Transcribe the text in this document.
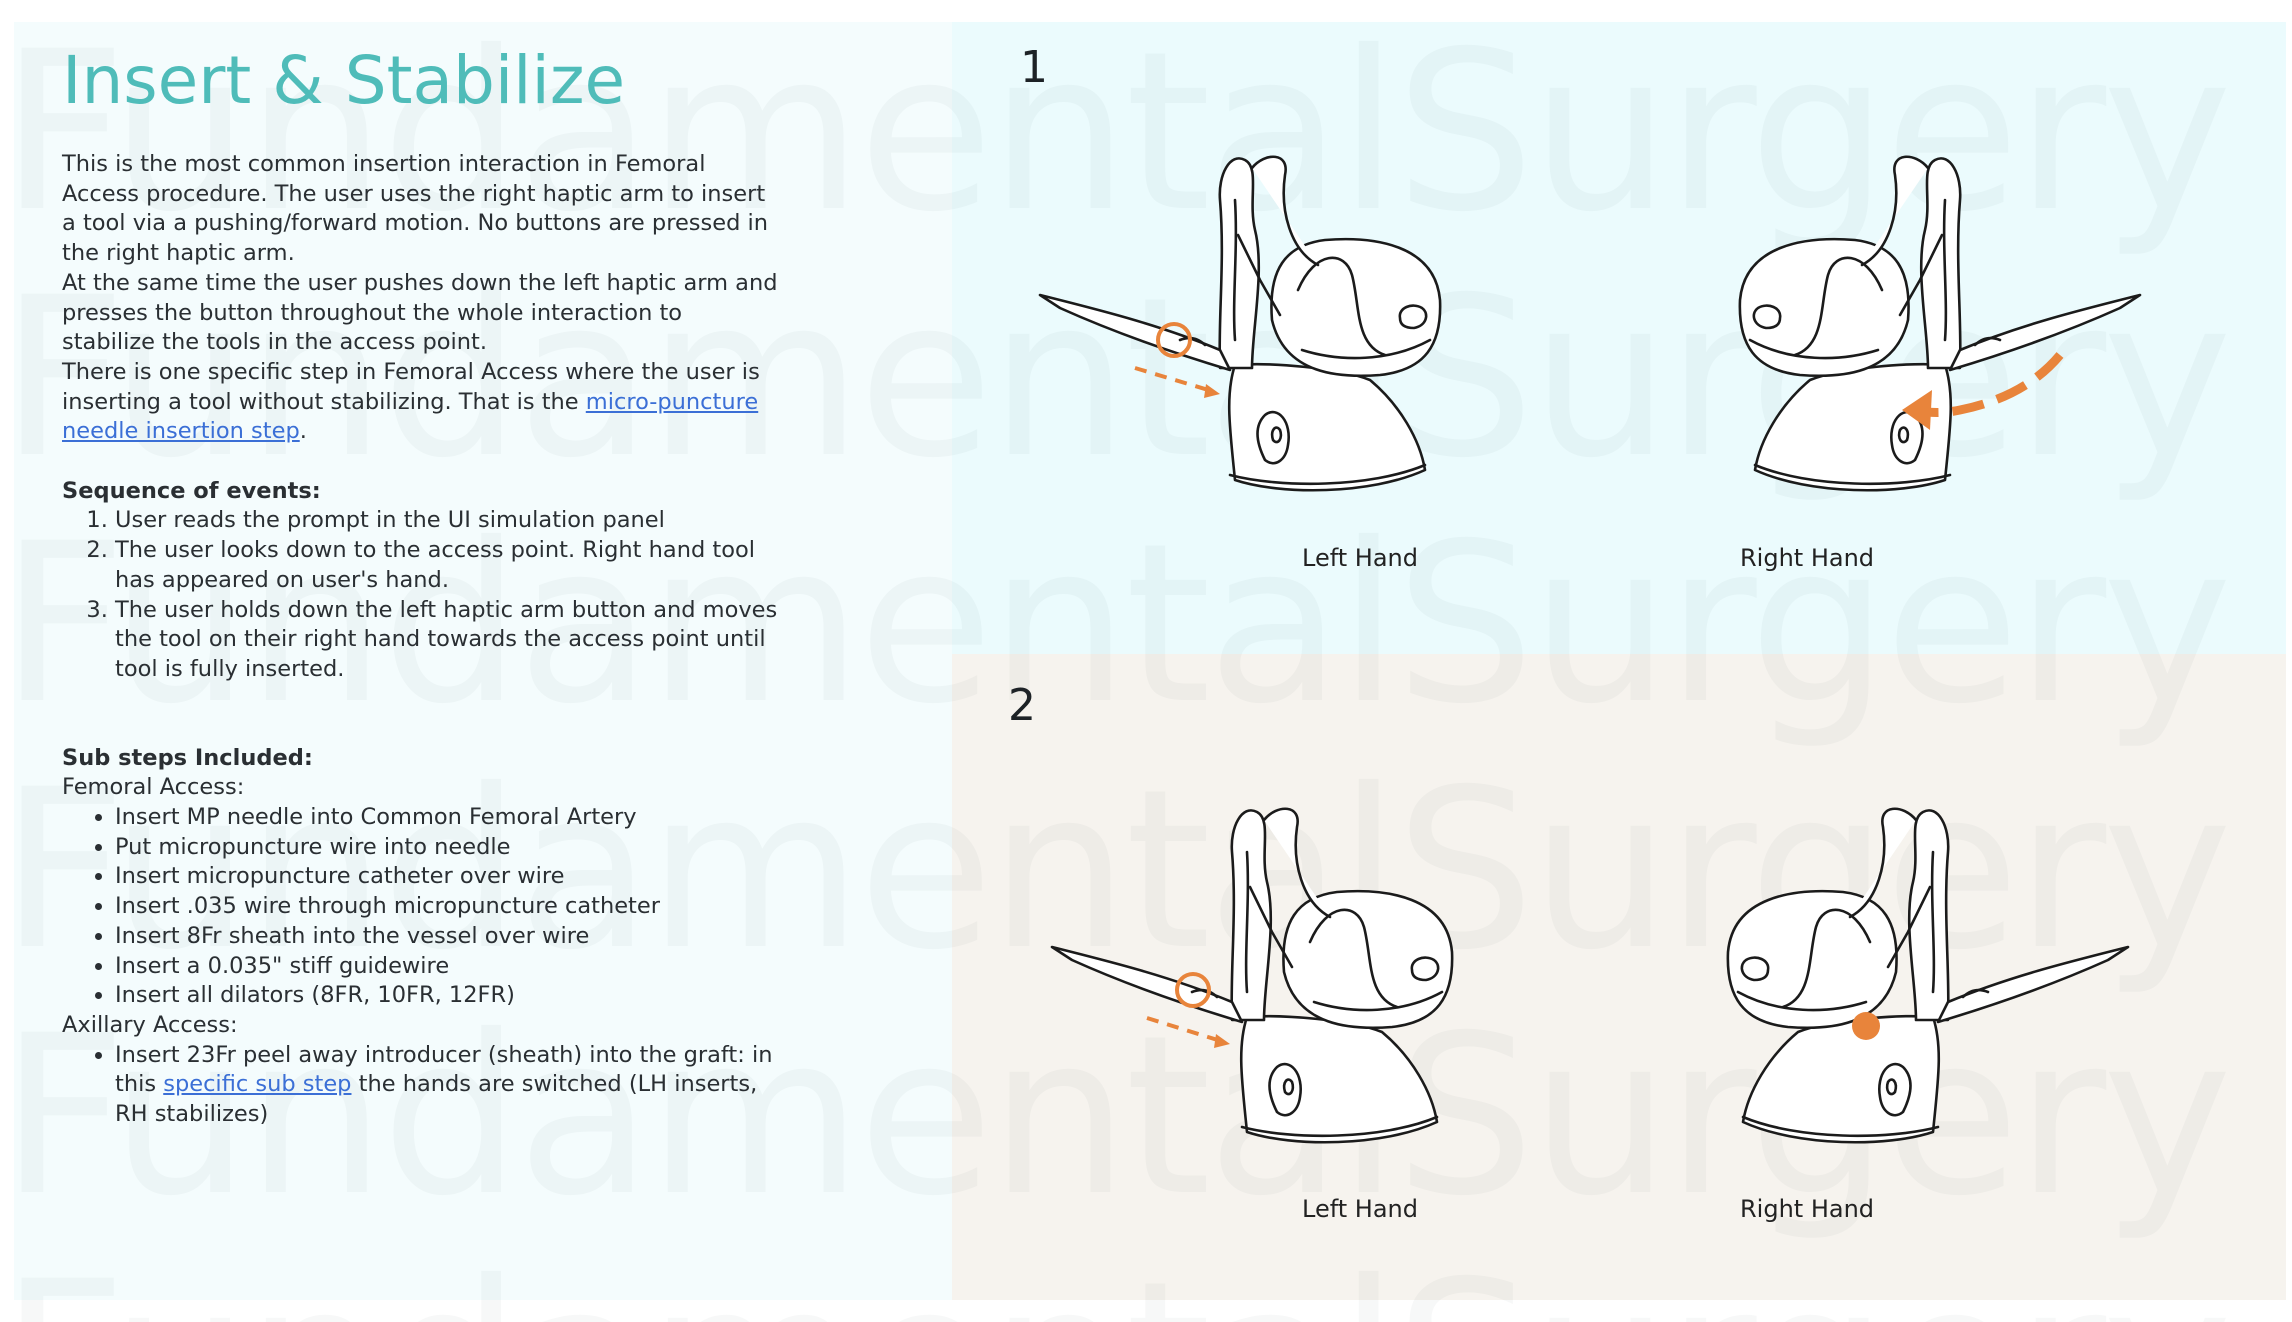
Insert & Stabilize

This is the most common insertion interaction in Femoral Access procedure. The user uses the right haptic arm to insert a tool via a pushing/forward motion. No buttons are pressed in the right haptic arm.

At the same time the user pushes down the left haptic arm and presses the button throughout the whole interaction to stabilize the tools in the access point.

There is one specific step in Femoral Access where the user is inserting a tool without stabilizing. That is the micro-puncture needle insertion step.

Sequence of events:
1. User reads the prompt in the UI simulation panel
2. The user looks down to the access point. Right hand tool has appeared on user's hand.
3. The user holds down the left haptic arm button and moves the tool on their right hand towards the access point until tool is fully inserted.
Sub steps Included:
Femoral Access:
• Insert MP needle into Common Femoral Artery
• Put micropuncture wire into needle
• Insert micropuncture catheter over wire
• Insert .035 wire through micropuncture catheter
• Insert 8Fr sheath into the vessel over wire
• Insert a 0.035" stiff guidewire
• Insert all dilators (8FR, 10FR, 12FR)
Axillary Access:
• Insert 23Fr peel away introducer (sheath) into the graft: in this specific sub step the hands are switched (LH inserts, RH stabilizes)
1
Left Hand	Right Hand
2
Left Hand	Right Hand
